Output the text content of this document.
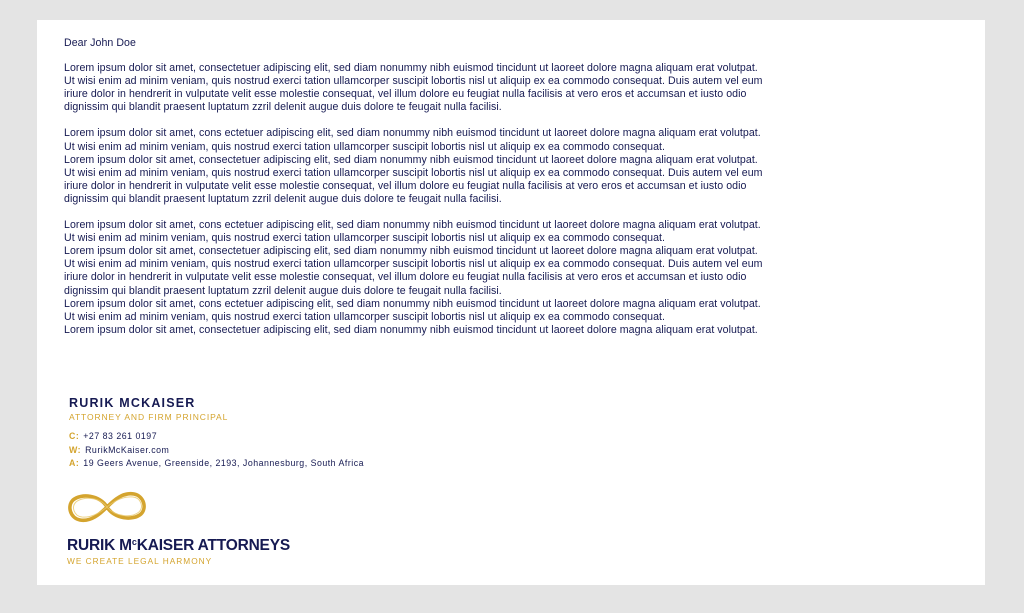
Dear John Doe
Lorem ipsum dolor sit amet, consectetuer adipiscing elit, sed diam nonummy nibh euismod tincidunt ut laoreet dolore magna aliquam erat volutpat.
Ut wisi enim ad minim veniam, quis nostrud exerci tation ullamcorper suscipit lobortis nisl ut aliquip ex ea commodo consequat. Duis autem vel eum
iriure dolor in hendrerit in vulputate velit esse molestie consequat, vel illum dolore eu feugiat nulla facilisis at vero eros et accumsan et iusto odio
dignissim qui blandit praesent luptatum zzril delenit augue duis dolore te feugait nulla facilisi.
Lorem ipsum dolor sit amet, cons ectetuer adipiscing elit, sed diam nonummy nibh euismod tincidunt ut laoreet dolore magna aliquam erat volutpat.
Ut wisi enim ad minim veniam, quis nostrud exerci tation ullamcorper suscipit lobortis nisl ut aliquip ex ea commodo consequat.
Lorem ipsum dolor sit amet, consectetuer adipiscing elit, sed diam nonummy nibh euismod tincidunt ut laoreet dolore magna aliquam erat volutpat.
Ut wisi enim ad minim veniam, quis nostrud exerci tation ullamcorper suscipit lobortis nisl ut aliquip ex ea commodo consequat. Duis autem vel eum
iriure dolor in hendrerit in vulputate velit esse molestie consequat, vel illum dolore eu feugiat nulla facilisis at vero eros et accumsan et iusto odio
dignissim qui blandit praesent luptatum zzril delenit augue duis dolore te feugait nulla facilisi.
Lorem ipsum dolor sit amet, cons ectetuer adipiscing elit, sed diam nonummy nibh euismod tincidunt ut laoreet dolore magna aliquam erat volutpat.
Ut wisi enim ad minim veniam, quis nostrud exerci tation ullamcorper suscipit lobortis nisl ut aliquip ex ea commodo consequat.
Lorem ipsum dolor sit amet, consectetuer adipiscing elit, sed diam nonummy nibh euismod tincidunt ut laoreet dolore magna aliquam erat volutpat.
Ut wisi enim ad minim veniam, quis nostrud exerci tation ullamcorper suscipit lobortis nisl ut aliquip ex ea commodo consequat. Duis autem vel eum
iriure dolor in hendrerit in vulputate velit esse molestie consequat, vel illum dolore eu feugiat nulla facilisis at vero eros et accumsan et iusto odio
dignissim qui blandit praesent luptatum zzril delenit augue duis dolore te feugait nulla facilisi.
Lorem ipsum dolor sit amet, cons ectetuer adipiscing elit, sed diam nonummy nibh euismod tincidunt ut laoreet dolore magna aliquam erat volutpat.
Ut wisi enim ad minim veniam, quis nostrud exerci tation ullamcorper suscipit lobortis nisl ut aliquip ex ea commodo consequat.
Lorem ipsum dolor sit amet, consectetuer adipiscing elit, sed diam nonummy nibh euismod tincidunt ut laoreet dolore magna aliquam erat volutpat.
RURIK MCKAISER
ATTORNEY AND FIRM PRINCIPAL
C: +27 83 261 0197
W: RurikMcKaiser.com
A: 19 Geers Avenue, Greenside, 2193, Johannesburg, South Africa
RURIK $M^cKAISER$ ATTORNEYS
WE CREATE LEGAL HARMONY
